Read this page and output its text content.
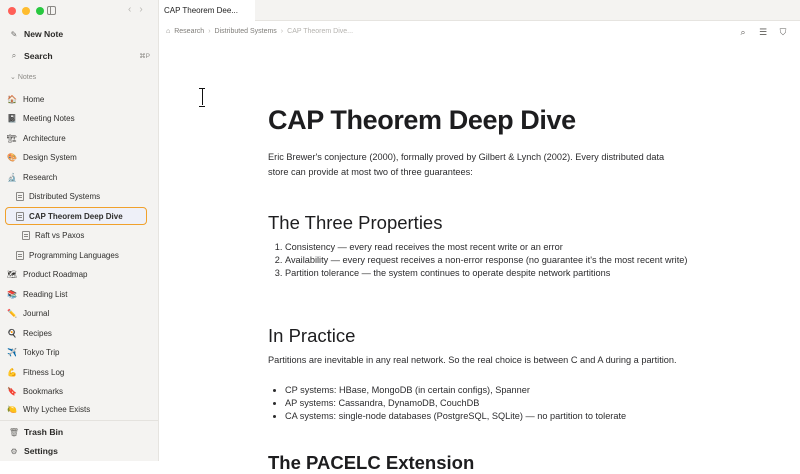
‹›
✎ New Note
⌕ Search	⌘P
⌄ Notes
🏠 Home
📓 Meeting Notes
🏗 Architecture
🎨 Design System
🔬 Research
Distributed Systems
CAP Theorem Deep Dive
Raft vs Paxos
Programming Languages
🗺 Product Roadmap
📚 Reading List
✏️ Journal
🍳 Recipes
✈️ Tokyo Trip
💪 Fitness Log
🔖 Bookmarks
🍋 Why Lychee Exists
🗑 Trash Bin
⚙ Settings
CAP Theorem Dee...
⌂ Research › Distributed Systems › CAP Theorem Dive...	⌕ ☰ ⛉
CAP Theorem Deep Dive

Eric Brewer's conjecture (2000), formally proved by Gilbert & Lynch (2002). Every distributed data store can provide at most two of three guarantees:

The Three Properties
1. Consistency — every read receives the most recent write or an error
2. Availability — every request receives a non-error response (no guarantee it's the most recent write)
3. Partition tolerance — the system continues to operate despite network partitions
In Practice

Partitions are inevitable in any real network. So the real choice is between C and A during a partition.

• CP systems: HBase, MongoDB (in certain configs), Spanner
• AP systems: Cassandra, DynamoDB, CouchDB
• CA systems: single-node databases (PostgreSQL, SQLite) — no partition to tolerate
The PACELC Extension
